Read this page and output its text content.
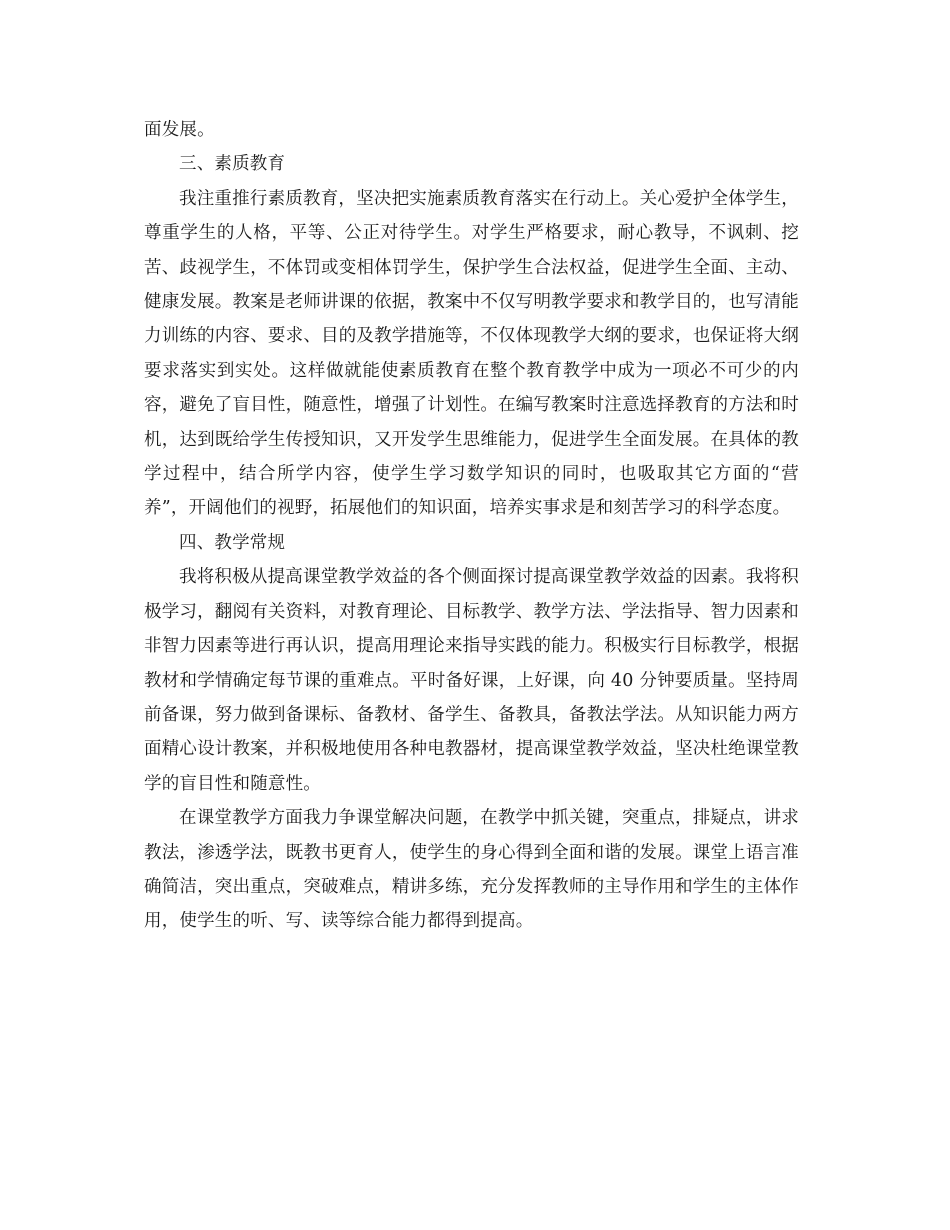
面发展。

三、素质教育

我注重推行素质教育，坚决把实施素质教育落实在行动上。关心爱护全体学生，尊重学生的人格，平等、公正对待学生。对学生严格要求，耐心教导，不讽刺、挖苦、歧视学生，不体罚或变相体罚学生，保护学生合法权益，促进学生全面、主动、健康发展。教案是老师讲课的依据，教案中不仅写明教学要求和教学目的，也写清能力训练的内容、要求、目的及教学措施等，不仅体现教学大纲的要求，也保证将大纲要求落实到实处。这样做就能使素质教育在整个教育教学中成为一项必不可少的内容，避免了盲目性，随意性，增强了计划性。在编写教案时注意选择教育的方法和时机，达到既给学生传授知识，又开发学生思维能力，促进学生全面发展。在具体的教学过程中，结合所学内容，使学生学习数学知识的同时，也吸取其它方面的“营养”，开阔他们的视野，拓展他们的知识面，培养实事求是和刻苦学习的科学态度。

四、教学常规

我将积极从提高课堂教学效益的各个侧面探讨提高课堂教学效益的因素。我将积极学习，翻阅有关资料，对教育理论、目标教学、教学方法、学法指导、智力因素和非智力因素等进行再认识，提高用理论来指导实践的能力。积极实行目标教学，根据教材和学情确定每节课的重难点。平时备好课，上好课，向 40 分钟要质量。坚持周前备课，努力做到备课标、备教材、备学生、备教具，备教法学法。从知识能力两方面精心设计教案，并积极地使用各种电教器材，提高课堂教学效益，坚决杜绝课堂教学的盲目性和随意性。

在课堂教学方面我力争课堂解决问题，在教学中抓关键，突重点，排疑点，讲求教法，渗透学法，既教书更育人，使学生的身心得到全面和谐的发展。课堂上语言准确简洁，突出重点，突破难点，精讲多练，充分发挥教师的主导作用和学生的主体作用，使学生的听、写、读等综合能力都得到提高。
